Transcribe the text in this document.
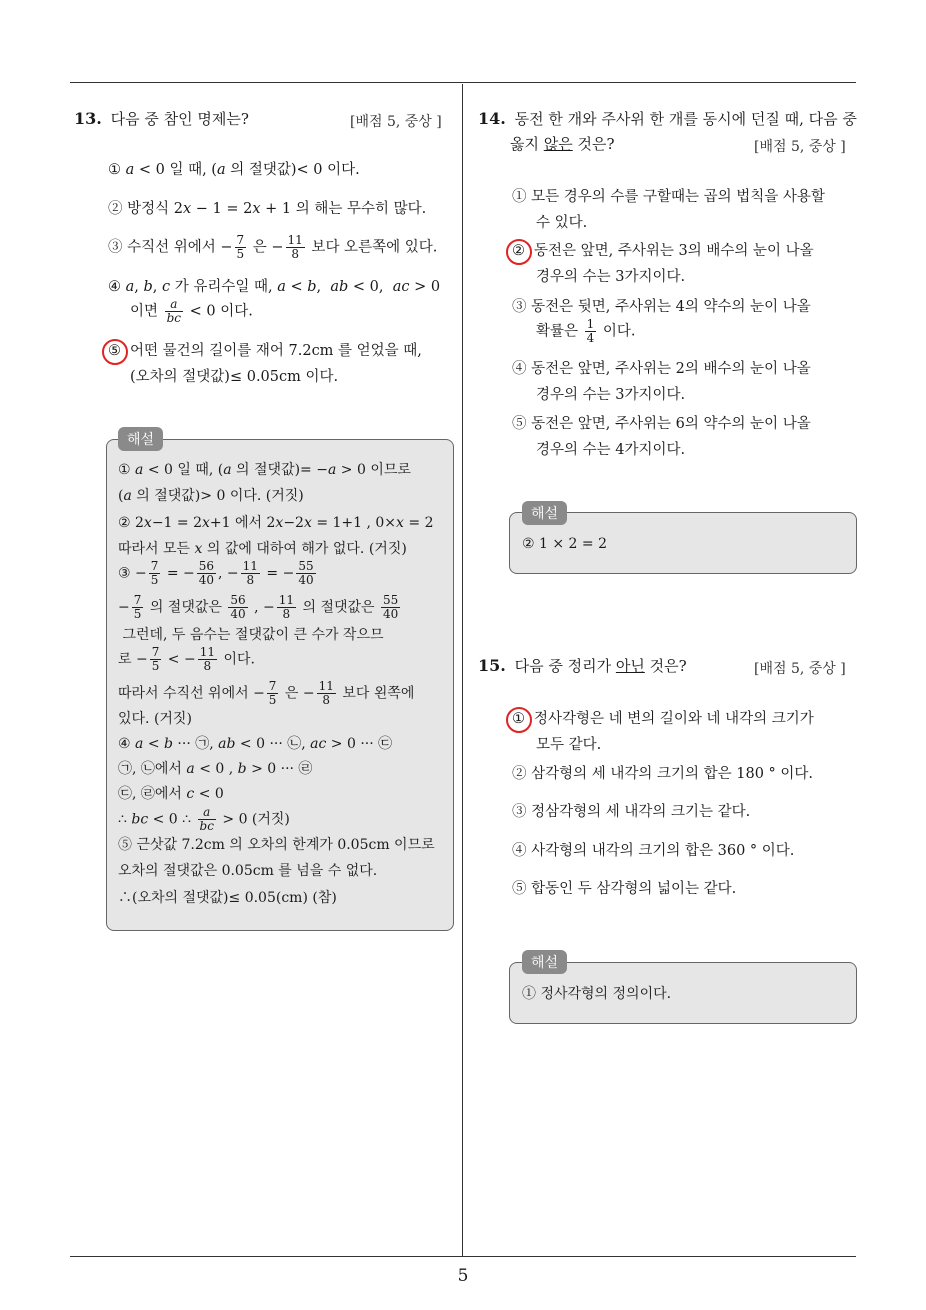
5
13. 다음 중 참인 명제는?	[배점 5, 중상 ]
① a < 0 일 때, (a 의 절댓값)< 0 이다.
② 방정식 2x − 1 = 2x + 1 의 해는 무수히 많다.
③ 수직선 위에서 − $\frac{7}{5}$ 은 − $\frac{11}{8}$ 보다 오른쪽에 있다.
④ a, b, c 가 유리수일 때, a < b,  ab < 0,  ac > 0
이면 $\frac{a}{bc} < 0$ 이다.
⑤ 어떤 물건의 길이를 재어 7.2cm 를 얻었을 때,
(오차의 절댓값)≤ 0.05cm 이다.
해설
① a < 0 일 때, (a 의 절댓값)= −a > 0 이므로
(a 의 절댓값)> 0 이다. (거짓)
② 2x−1 = 2x+1 에서 2x−2x = 1+1 , 0×x = 2
따라서 모든 x 의 값에 대하여 해가 없다. (거짓)
③ − $\frac{7}{5}$ = − $\frac{56}{40}$ , − $\frac{11}{8}$ = − $\frac{55}{40}$
− $\frac{7}{5}$ 의 절댓값은 $\frac{56}{40}$ , − $\frac{11}{8}$ 의 절댓값은 $\frac{55}{40}$
그런데, 두 음수는 절댓값이 큰 수가 작으므
로 − $\frac{7}{5}$ < − $\frac{11}{8}$ 이다.
따라서 수직선 위에서 − $\frac{7}{5}$ 은 − $\frac{11}{8}$ 보다 왼쪽에
있다. (거짓)
④ a < b ··· ㉠, ab < 0 ··· ㉡, ac > 0 ··· ㉢
㉠, ㉡에서 a < 0 , b > 0 ··· ㉣
㉢, ㉣에서 c < 0
∴ bc < 0 ∴ $\frac{a}{bc} > 0$ (거짓)
⑤ 근삿값 7.2cm 의 오차의 한계가 0.05cm 이므로
오차의 절댓값은 0.05cm 를 넘을 수 없다.
∴(오차의 절댓값)≤ 0.05(cm) (참)
14. 동전 한 개와 주사위 한 개를 동시에 던질 때, 다음 중
옳지 않은 것은?	[배점 5, 중상 ]
① 모든 경우의 수를 구할때는 곱의 법칙을 사용할
수 있다.
② 동전은 앞면, 주사위는 3의 배수의 눈이 나올
경우의 수는 3가지이다.
③ 동전은 뒷면, 주사위는 4의 약수의 눈이 나올
확률은 $\frac{1}{4}$ 이다.
④ 동전은 앞면, 주사위는 2의 배수의 눈이 나올
경우의 수는 3가지이다.
⑤ 동전은 앞면, 주사위는 6의 약수의 눈이 나올
경우의 수는 4가지이다.
해설
② 1 × 2 = 2
15. 다음 중 정리가 아닌 것은?	[배점 5, 중상 ]
① 정사각형은 네 변의 길이와 네 내각의 크기가
모두 같다.
② 삼각형의 세 내각의 크기의 합은 180 ° 이다.
③ 정삼각형의 세 내각의 크기는 같다.
④ 사각형의 내각의 크기의 합은 360 ° 이다.
⑤ 합동인 두 삼각형의 넓이는 같다.
해설
① 정사각형의 정의이다.
